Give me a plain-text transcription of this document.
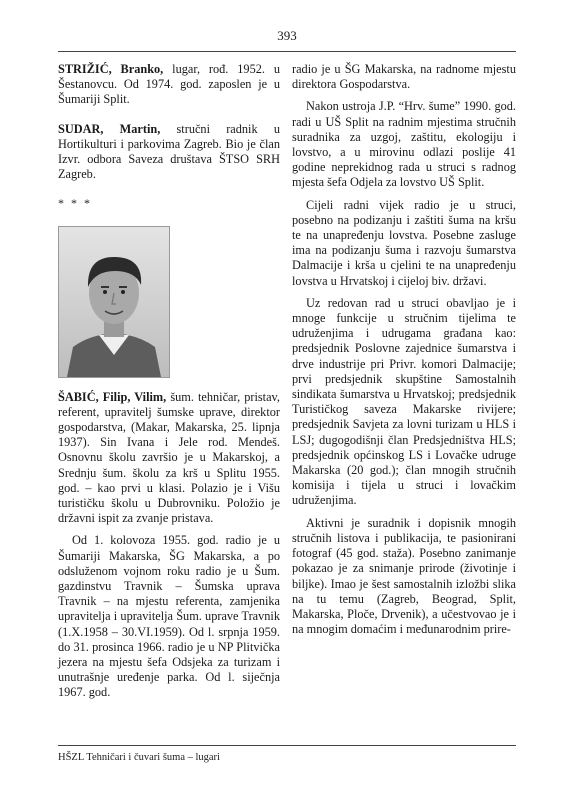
393

STRIŽIĆ, Branko, lugar, rođ. 1952. u Šestanovcu. Od 1974. god. zaposlen je u Šumariji Split.

SUDAR, Martin, stručni radnik u Hortikulturi i parkovima Zagreb. Bio je član Izvr. odbora Saveza društava ŠTSO SRH Zagreb.

* * *

ŠABIĆ, Filip, Vilim, šum. tehničar, pristav, referent, upravitelj šumske uprave, direktor gospodarstva, (Makar, Makarska, 25. lipnja 1937). Sin Ivana i Jele rod. Mendeš. Osnovnu školu završio je u Makarskoj, a Srednju šum. školu za krš u Splitu 1955. god. – kao prvi u klasi. Polazio je i Višu turističku školu u Dubrovniku. Položio je državni ispit za zvanje pristava.

Od 1. kolovoza 1955. god. radio je u Šumariji Makarska, ŠG Makarska, a po odsluženom vojnom roku radio je u Šum. gazdinstvu Travnik – Šumska uprava Travnik – na mjestu referenta, zamjenika upravitelja i upravitelja Šum. uprave Travnik (1.X.1958 – 30.VI.1959). Od l. srpnja 1959. do 31. prosinca 1966. radio je u NP Plitvička jezera na mjestu šefa Odsjeka za turizam i unutrašnje uređenje parka. Od l. siječnja 1967. god.

radio je u ŠG Makarska, na radnome mjestu direktora Gospodarstva.

Nakon ustroja J.P. “Hrv. šume” 1990. god. radi u UŠ Split na radnim mjestima stručnih suradnika za uzgoj, zaštitu, ekologiju i lovstvo, a u mirovinu odlazi poslije 41 godine neprekidnog rada u struci s radnog mjesta šefa Odjela za lovstvo UŠ Split.

Cijeli radni vijek radio je u struci, posebno na podizanju i zaštiti šuma na kršu te na unapređenju lovstva. Posebne zasluge ima na podizanju šuma i razvoju šumarstva Dalmacije i krša u cjelini te na unapređenju lovstva u Hrvatskoj i cijeloj biv. državi.

Uz redovan rad u struci obavljao je i mnoge funkcije u stručnim tijelima te udruženjima i udrugama građana kao: predsjednik Poslovne zajednice šumarstva i drve industrije pri Privr. komori Dalmacije; prvi predsjednik skupštine Samostalnih sindikata šumarstva u Hrvatskoj; predsjednik Turističkog saveza Makarske rivijere; predsjednik Savjeta za lovni turizam u HLS i LSJ; dugogodišnji član Predsjedništva HLS; predsjednik općinskog LS i Lovačke udruge Makarska (20 god.); član mnogih stručnih komisija i tijela u struci i lovačkim udruženjima.

Aktivni je suradnik i dopisnik mnogih stručnih listova i publikacija, te pasionirani fotograf (45 god. staža). Posebno zanimanje pokazao je za snimanje prirode (životinje i biljke). Imao je šest samostalnih izložbi slika na tu temu (Zagreb, Beograd, Split, Makarska, Ploče, Drvenik), a učestvovao je i na mnogim domaćim i međunarodnim prire-

HŠZL Tehničari i čuvari šuma – lugari
